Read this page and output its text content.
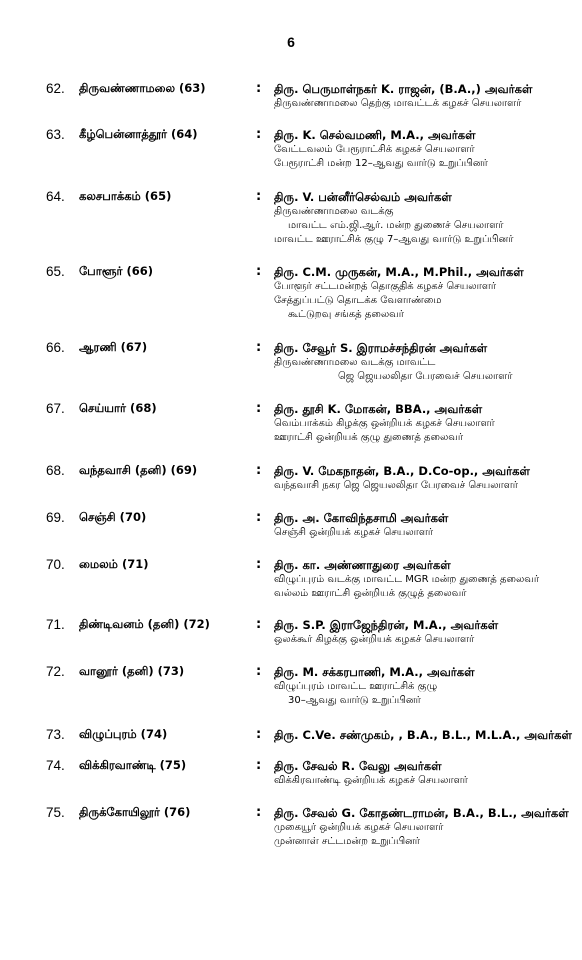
6
62. திருவண்ணாமலை (63)	: திரு. பெருமாள்நகர் K. ராஜன், (B.A.,) அவர்கள்
திருவண்ணாமலை தெற்கு மாவட்டக் கழகச் செயலாளர்
63. கீழ்பென்னாத்தூர் (64)	: திரு. K. செல்வமணி, M.A., அவர்கள்
வேட்டவலம் பேரூராட்சிக் கழகச் செயலாளர்
பேரூராட்சி மன்ற 12–ஆவது வார்டு உறுப்பினர்
64. கலசபாக்கம் (65)	: திரு. V. பன்னீர்செல்வம் அவர்கள்
திருவண்ணாமலை வடக்கு
மாவட்ட எம்.ஜி.ஆர். மன்ற துணைச் செயலாளர்
மாவட்ட ஊராட்சிக் குழு 7–ஆவது வார்டு உறுப்பினர்
65. போளூர் (66)	: திரு. C.M. முருகன், M.A., M.Phil., அவர்கள்
போளூர் சட்டமன்றத் தொகுதிக் கழகச் செயலாளர்
சேத்துப்பட்டு தொடக்க வேளாண்மை
கூட்டுறவு சங்கத் தலைவர்
66. ஆரணி (67)	: திரு. சேவூர் S. இராமச்சந்திரன் அவர்கள்
திருவண்ணாமலை வடக்கு மாவட்ட
ஜெ ஜெயலலிதா பேரவைச் செயலாளர்
67. செய்யார் (68)	: திரு. தூசி K. மோகன், BBA., அவர்கள்
வெம்பாக்கம் கிழக்கு ஒன்றியக் கழகச் செயலாளர்
ஊராட்சி ஒன்றியக் குழு துணைத் தலைவர்
68. வந்தவாசி (தனி) (69)	: திரு. V. மேகநாதன், B.A., D.Co-op., அவர்கள்
வந்தவாசி நகர ஜெ ஜெயலலிதா பேரவைச் செயலாளர்
69. செஞ்சி (70)	: திரு. அ. கோவிந்தசாமி அவர்கள்
செஞ்சி ஒன்றியக் கழகச் செயலாளர்
70. மைலம் (71)	: திரு. கா. அண்ணாதுரை அவர்கள்
விழுப்புரம் வடக்கு மாவட்ட MGR மன்ற துணைத் தலைவர்
வல்லம் ஊராட்சி ஒன்றியக் குழுத் தலைவர்
71. திண்டிவனம் (தனி) (72)	: திரு. S.P. இராஜேந்திரன், M.A., அவர்கள்
ஒலக்கூர் கிழக்கு ஒன்றியக் கழகச் செயலாளர்
72. வானூர் (தனி) (73)	: திரு. M. சக்கரபாணி, M.A., அவர்கள்
விழுப்புரம் மாவட்ட ஊராட்சிக் குழு
30–ஆவது வார்டு உறுப்பினர்
73. விழுப்புரம் (74)	: திரு. C.Ve. சண்முகம், , B.A., B.L., M.L.A., அவர்கள்
74. விக்கிரவாண்டி (75)	: திரு. சேவல் R. வேலு அவர்கள்
விக்கிரவாண்டி ஒன்றியக் கழகச் செயலாளர்
75. திருக்கோயிலூர் (76)	: திரு. சேவல் G. கோதண்டராமன், B.A., B.L., அவர்கள்
முகையூர் ஒன்றியக் கழகச் செயலாளர்
முன்னாள் சட்டமன்ற உறுப்பினர்
